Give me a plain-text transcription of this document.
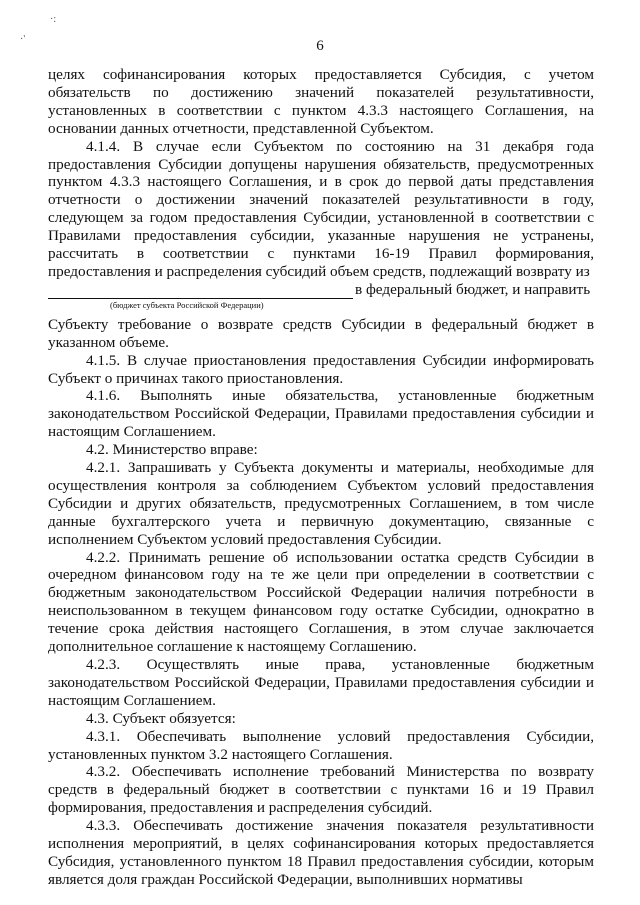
·:
·'	6

целях софинансирования которых предоставляется Субсидия, с учетом обязательств по достижению значений показателей результативности, установленных в соответствии с пунктом 4.3.3 настоящего Соглашения, на основании данных отчетности, представленной Субъектом.

4.1.4. В случае если Субъектом по состоянию на 31 декабря года предоставления Субсидии допущены нарушения обязательств, предусмотренных пунктом 4.3.3 настоящего Соглашения, и в срок до первой даты представления отчетности о достижении значений показателей результативности в году, следующем за годом предоставления Субсидии, установленной в соответствии с Правилами предоставления субсидии, указанные нарушения не устранены, рассчитать в соответствии с пунктами 16-19 Правил формирования, предоставления и распределения субсидий объем средств, подлежащий возврату из

в федеральный бюджет, и направить
(бюджет субъекта Российской Федерации)

Субъекту требование о возврате средств Субсидии в федеральный бюджет в указанном объеме.

4.1.5. В случае приостановления предоставления Субсидии информировать Субъект о причинах такого приостановления.

4.1.6. Выполнять иные обязательства, установленные бюджетным законодательством Российской Федерации, Правилами предоставления субсидии и настоящим Соглашением.

4.2. Министерство вправе:

4.2.1. Запрашивать у Субъекта документы и материалы, необходимые для осуществления контроля за соблюдением Субъектом условий предоставления Субсидии и других обязательств, предусмотренных Соглашением, в том числе данные бухгалтерского учета и первичную документацию, связанные с исполнением Субъектом условий предоставления Субсидии.

4.2.2. Принимать решение об использовании остатка средств Субсидии в очередном финансовом году на те же цели при определении в соответствии с бюджетным законодательством Российской Федерации наличия потребности в неиспользованном в текущем финансовом году остатке Субсидии, однократно в течение срока действия настоящего Соглашения, в этом случае заключается дополнительное соглашение к настоящему Соглашению.

4.2.3. Осуществлять иные права, установленные бюджетным законодательством Российской Федерации, Правилами предоставления субсидии и настоящим Соглашением.

4.3. Субъект обязуется:

4.3.1. Обеспечивать выполнение условий предоставления Субсидии, установленных пунктом 3.2 настоящего Соглашения.

4.3.2. Обеспечивать исполнение требований Министерства по возврату средств в федеральный бюджет в соответствии с пунктами 16 и 19 Правил формирования, предоставления и распределения субсидий.

4.3.3. Обеспечивать достижение значения показателя результативности исполнения мероприятий, в целях софинансирования которых предоставляется Субсидия, установленного пунктом 18 Правил предоставления субсидии, которым является доля граждан Российской Федерации, выполнивших нормативы
